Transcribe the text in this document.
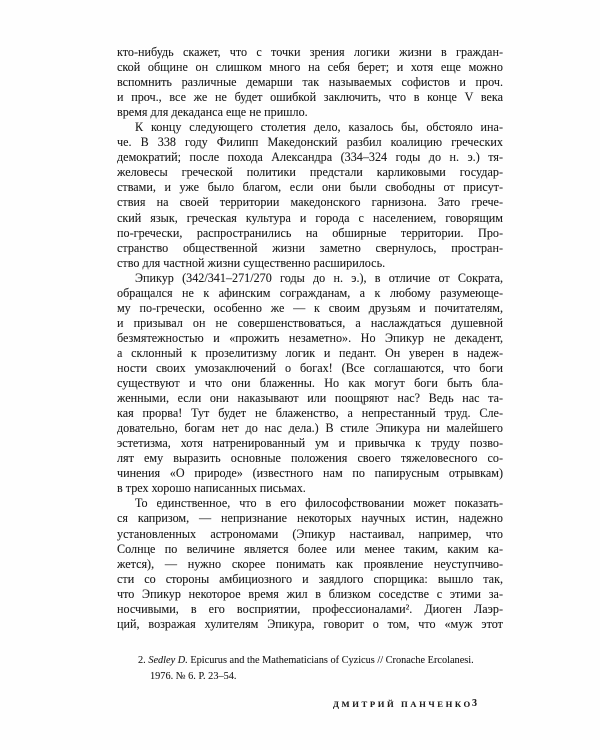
кто-нибудь скажет, что с точки зрения логики жизни в граждан-
ской общине он слишком много на себя берет; и хотя еще можно
вспомнить различные демарши так называемых софистов и проч.
и проч., все же не будет ошибкой заключить, что в конце V века
время для декаданса еще не пришло.
К концу следующего столетия дело, казалось бы, обстояло ина-
че. В 338 году Филипп Македонский разбил коалицию греческих
демократий; после похода Александра (334–324 годы до н. э.) тя-
желовесы греческой политики предстали карликовыми государ-
ствами, и уже было благом, если они были свободны от присут-
ствия на своей территории македонского гарнизона. Зато грече-
ский язык, греческая культура и города с населением, говорящим
по-гречески, распространились на обширные территории. Про-
странство общественной жизни заметно свернулось, простран-
ство для частной жизни существенно расширилось.
Эпикур (342/341–271/270 годы до н. э.), в отличие от Сократа,
обращался не к афинским согражданам, а к любому разумеюще-
му по-гречески, особенно же — к своим друзьям и почитателям,
и призывал он не совершенствоваться, а наслаждаться душевной
безмятежностью и «прожить незаметно». Но Эпикур не декадент,
а склонный к прозелитизму логик и педант. Он уверен в надеж-
ности своих умозаключений о богах! (Все соглашаются, что боги
существуют и что они блаженны. Но как могут боги быть бла-
женными, если они наказывают или поощряют нас? Ведь нас та-
кая прорва! Тут будет не блаженство, а непрестанный труд. Сле-
довательно, богам нет до нас дела.) В стиле Эпикура ни малейшего
эстетизма, хотя натренированный ум и привычка к труду позво-
лят ему выразить основные положения своего тяжеловесного со-
чинения «О природе» (известного нам по папирусным отрывкам)
в трех хорошо написанных письмах.
То единственное, что в его философствовании может показать-
ся капризом, — непризнание некоторых научных истин, надежно
установленных астрономами (Эпикур настаивал, например, что
Солнце по величине является более или менее таким, каким ка-
жется), — нужно скорее понимать как проявление неуступчиво-
сти со стороны амбициозного и заядлого спорщика: вышло так,
что Эпикур некоторое время жил в близком соседстве с этими за-
носчивыми, в его восприятии, профессионалами². Диоген Лаэр-
ций, возражая хулителям Эпикура, говорит о том, что «муж этот
2. Sedley D. Epicurus and the Mathematicians of Cyzicus // Cronache Ercolanesi.
1976. № 6. P. 23–54.
ДМИТРИЙ ПАНЧЕНКО 3
